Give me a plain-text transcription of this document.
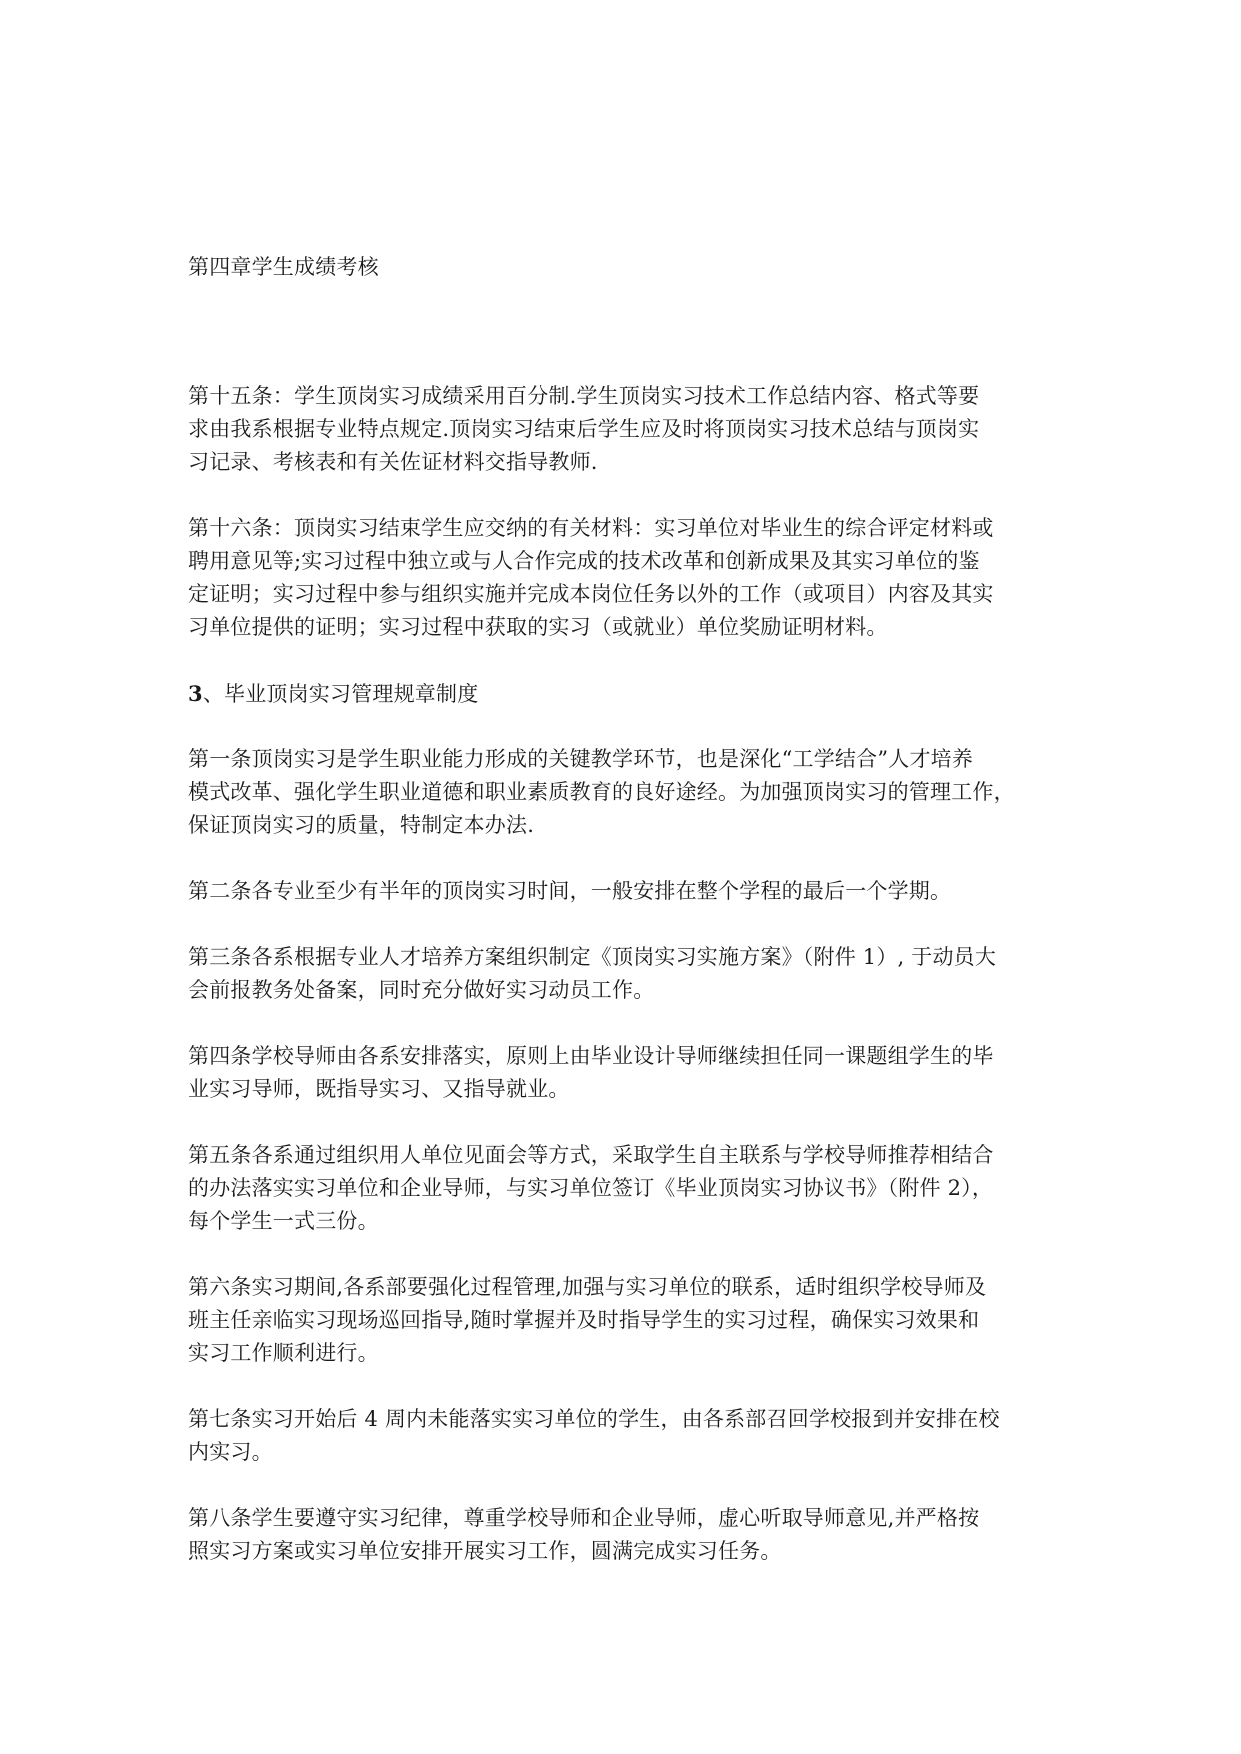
第四章学生成绩考核
第十五条：学生顶岗实习成绩采用百分制.学生顶岗实习技术工作总结内容、格式等要
求由我系根据专业特点规定.顶岗实习结束后学生应及时将顶岗实习技术总结与顶岗实
习记录、考核表和有关佐证材料交指导教师.
第十六条：顶岗实习结束学生应交纳的有关材料：实习单位对毕业生的综合评定材料或
聘用意见等;实习过程中独立或与人合作完成的技术改革和创新成果及其实习单位的鉴
定证明；实习过程中参与组织实施并完成本岗位任务以外的工作（或项目）内容及其实
习单位提供的证明；实习过程中获取的实习（或就业）单位奖励证明材料。
3、毕业顶岗实习管理规章制度
第一条顶岗实习是学生职业能力形成的关键教学环节，也是深化“工学结合”人才培养
模式改革、强化学生职业道德和职业素质教育的良好途经。为加强顶岗实习的管理工作，
保证顶岗实习的质量，特制定本办法.
第二条各专业至少有半年的顶岗实习时间，一般安排在整个学程的最后一个学期。
第三条各系根据专业人才培养方案组织制定《顶岗实习实施方案》（附件 1）, 于动员大
会前报教务处备案，同时充分做好实习动员工作。
第四条学校导师由各系安排落实，原则上由毕业设计导师继续担任同一课题组学生的毕
业实习导师，既指导实习、又指导就业。
第五条各系通过组织用人单位见面会等方式，采取学生自主联系与学校导师推荐相结合
的办法落实实习单位和企业导师，与实习单位签订《毕业顶岗实习协议书》（附件 2），
每个学生一式三份。
第六条实习期间,各系部要强化过程管理,加强与实习单位的联系，适时组织学校导师及
班主任亲临实习现场巡回指导,随时掌握并及时指导学生的实习过程，确保实习效果和
实习工作顺利进行。
第七条实习开始后 4 周内未能落实实习单位的学生，由各系部召回学校报到并安排在校
内实习。
第八条学生要遵守实习纪律，尊重学校导师和企业导师，虚心听取导师意见,并严格按
照实习方案或实习单位安排开展实习工作，圆满完成实习任务。
